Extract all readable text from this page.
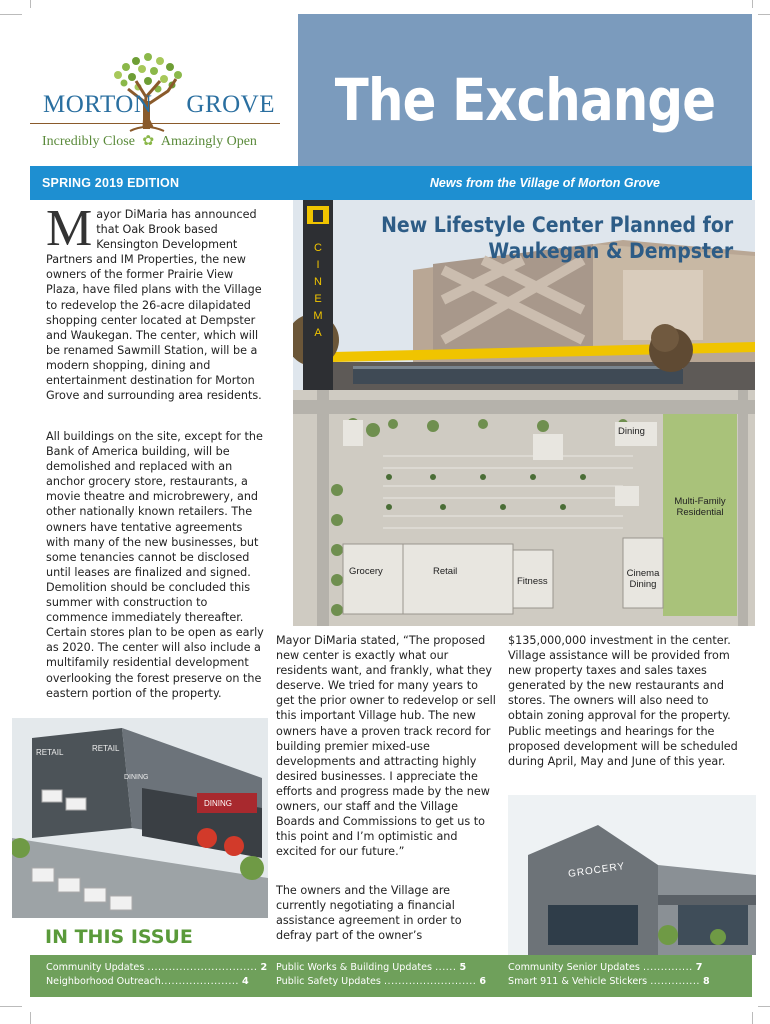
The Exchange
MORTON GROVE
Incredibly Close ✿ Amazingly Open
SPRING 2019 EDITION	News from the Village of Morton Grove
C
I
N
E
M
A
New Lifestyle Center Planned for
Waukegan & Dempster
Dining
Multi-Family
Residential
Grocery	Retail
Fitness
Cinema
Dining
Mayor DiMaria has announced that Oak Brook based Kensington Development Partners and IM Properties, the new owners of the former Prairie View Plaza, have filed plans with the Village to redevelop the 26-acre dilapidated shopping center located at Dempster and Waukegan. The center, which will be renamed Sawmill Station, will be a modern shopping, dining and entertainment destination for Morton Grove and surrounding area residents.
All buildings on the site, except for the Bank of America building, will be demolished and replaced with an anchor grocery store, restaurants, a movie theatre and microbrewery, and other nationally known retailers. The owners have tentative agreements with many of the new businesses, but some tenancies cannot be disclosed until leases are finalized and signed. Demolition should be concluded this summer with construction to commence immediately thereafter. Certain stores plan to be open as early as 2020. The center will also include a multifamily residential development overlooking the forest preserve on the eastern portion of the property.
Mayor DiMaria stated, “The proposed new center is exactly what our residents want, and frankly, what they deserve. We tried for many years to get the prior owner to redevelop or sell this important Village hub. The new owners have a proven track record for building premier mixed-use developments and attracting highly desired businesses. I appreciate the efforts and progress made by the new owners, our staff and the Village Boards and Commissions to get us to this point and I’m optimistic and excited for our future.”
The owners and the Village are currently negotiating a financial assistance agreement in order to defray part of the owner’s
$135,000,000 investment in the center. Village assistance will be provided from new property taxes and sales taxes generated by the new restaurants and stores. The owners will also need to obtain zoning approval for the property. Public meetings and hearings for the proposed development will be scheduled during April, May and June of this year.
RETAIL	RETAIL
DINING
DINING
GROCERY
IN THIS ISSUE
Community Updates ............................... 2
Neighborhood Outreach...................... 4
Public Works & Building Updates ...... 5
Public Safety Updates .......................... 6
Community Senior Updates .............. 7
Smart 911 & Vehicle Stickers .............. 8
